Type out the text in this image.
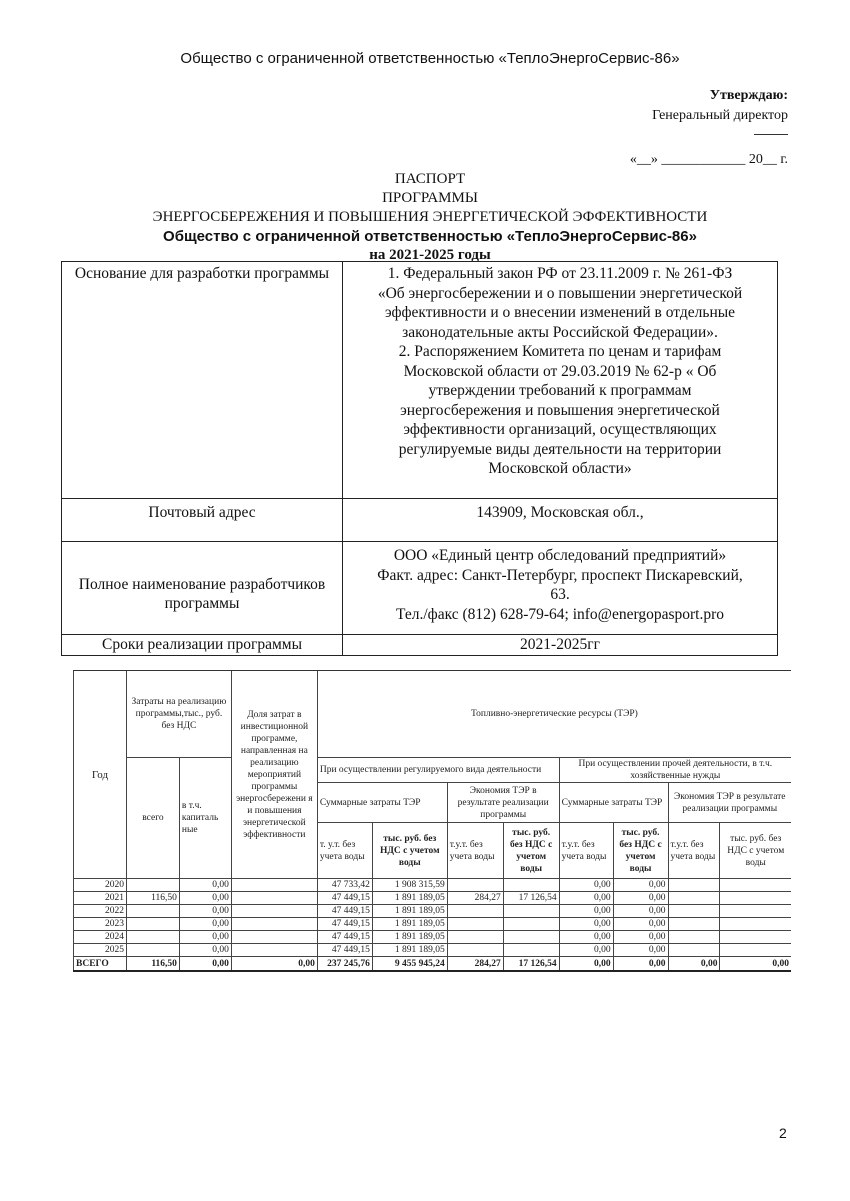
Общество с ограниченной ответственностью «ТеплоЭнергоСервис-86»
Утверждаю:
Генеральный директор
«__» ____________ 20__ г.
ПАСПОРТ
ПРОГРАММЫ
ЭНЕРГОСБЕРЕЖЕНИЯ И ПОВЫШЕНИЯ ЭНЕРГЕТИЧЕСКОЙ ЭФФЕКТИВНОСТИ
Общество с ограниченной ответственностью «ТеплоЭнергоСервис-86»
на 2021-2025 годы
Основание для разработки программы	1. Федеральный закон РФ от 23.11.2009 г. № 261-ФЗ
«Об энергосбережении и о повышении энергетической
эффективности и о внесении изменений в отдельные
законодательные акты Российской Федерации».
2. Распоряжением Комитета по ценам и тарифам
Московской области от 29.03.2019 № 62-р « Об
утверждении требований к программам
энергосбережения и повышения энергетической
эффективности организаций, осуществляющих
регулируемые виды деятельности на территории
Московской области»

Почтовый адрес	143909, Московская обл.,

Полное наименование разработчиков программы	ООО «Единый центр обследований предприятий»
Факт. адрес: Санкт-Петербург, проспект Пискаревский,
63.
Тел./факс (812) 628-79-64; info@energopasport.pro

Сроки реализации программы	2021-2025гг
Год	Затраты на реализацию программы,тыс., руб. без НДС		Доля затрат в инвестиционной программе, направленная на реализацию мероприятий программы энергосбережени я и повышения энергетической эффективности	Топливно-энергетические ресурсы (ТЭР)							
	всего	в т.ч. капиталь ные		При осуществлении регулируемого вида деятельности				При осуществлении прочей деятельности, в т.ч. хозяйственные нужды			
				Суммарные затраты ТЭР		Экономия ТЭР в результате реализации программы		Суммарные затраты ТЭР		Экономия ТЭР в результате реализации программы	
				т. у.т. без учета воды	тыс. руб. без НДС с учетом воды	т.у.т. без учета воды	тыс. руб. без НДС с учетом воды	т.у.т. без учета воды	тыс. руб. без НДС с учетом воды	т.у.т. без учета воды	тыс. руб. без НДС с учетом воды
2020		0,00		47 733,42	1 908 315,59			0,00	0,00		
2021	116,50	0,00		47 449,15	1 891 189,05	284,27	17 126,54	0,00	0,00		
2022		0,00		47 449,15	1 891 189,05			0,00	0,00		
2023		0,00		47 449,15	1 891 189,05			0,00	0,00		
2024		0,00		47 449,15	1 891 189,05			0,00	0,00		
2025		0,00		47 449,15	1 891 189,05			0,00	0,00		
ВСЕГО	116,50	0,00	0,00	237 245,76	9 455 945,24	284,27	17 126,54	0,00	0,00	0,00	0,00
2
